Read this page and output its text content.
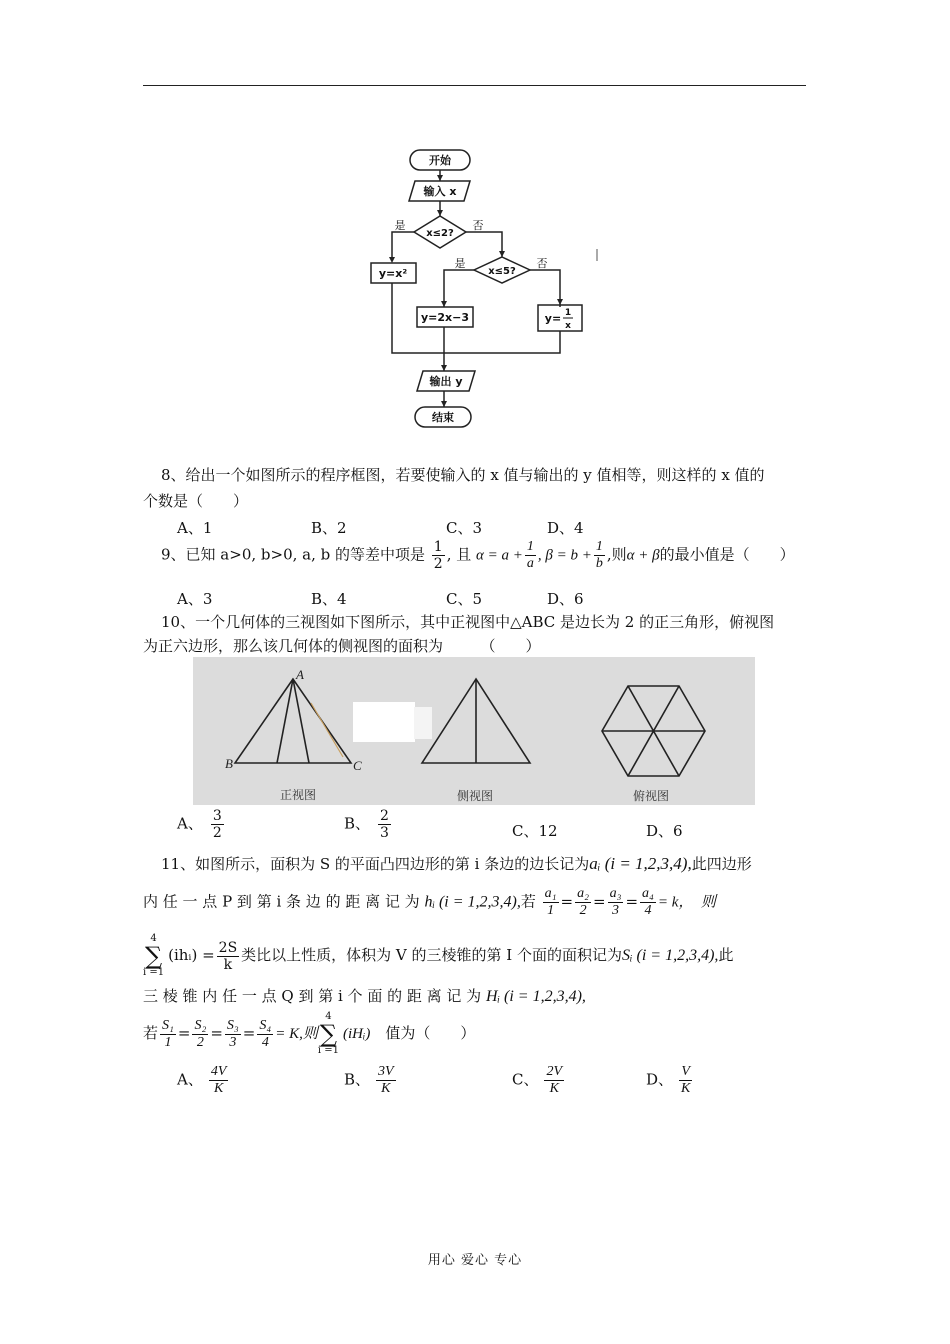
开始
输入 x
x≤2?
是	否
x≤5?
是	否
y=x²
y=2x−3	y= 1
x
输出 y
结束
8、给出一个如图所示的程序框图，若要使输入的 x 值与输出的 y 值相等，则这样的 x 值的
个数是（　　）
A、1	B、2	C、3	D、4
9、已知 a>0, b>0, a, b 的等差中项是 $\frac{1}{2}$ , 且 $\alpha = a + \frac{1}{a}$ , $\beta = b + \frac{1}{b}$ ,则α + β的最小值是（　　）
A、3	B、4	C、5	D、6
10、一个几何体的三视图如下图所示，其中正视图中△ABC 是边长为 2 的正三角形，俯视图
为正六边形，那么该几何体的侧视图的面积为　　　（　　）
A
B	C
正视图	侧视图	俯视图
A、 $\frac{3}{2}$	B、 $\frac{2}{3}$	C、12	D、6
11、如图所示，面积为 S 的平面凸四边形的第 i 条边的边长记为aᵢ (i = 1,2,3,4),此四边形
内 任 一 点 P 到 第 i 条 边 的 距 离 记 为 hᵢ (i = 1,2,3,4),若 $\frac{\text{a₁}}{1} = \frac{\text{a₂}}{2} = \frac{\text{a₃}}{3} = \frac{\text{a₄}}{4} = k$，　则
4
∑
i =1(ihᵢ) = $\frac{2S}{k}$ 类比以上性质，体积为 V 的三棱锥的第 I 个面的面积记为Sᵢ (i = 1,2,3,4),此
三 棱 锥 内 任 一 点 Q 到 第 i 个 面 的 距 离 记 为 Hᵢ (i = 1,2,3,4),
若 $\frac{\text{S₁}}{1} = \frac{\text{S₂}}{2} = \frac{\text{S₃}}{3} = \frac{\text{S₄}}{4} = K$,则4
∑
i =1(iHᵢ)　 值为（　　）
A、 $\frac{4V}{K}$	B、 $\frac{3V}{K}$	C、 $\frac{2V}{K}$	D、 $\frac{V}{K}$
用心 爱心 专心
